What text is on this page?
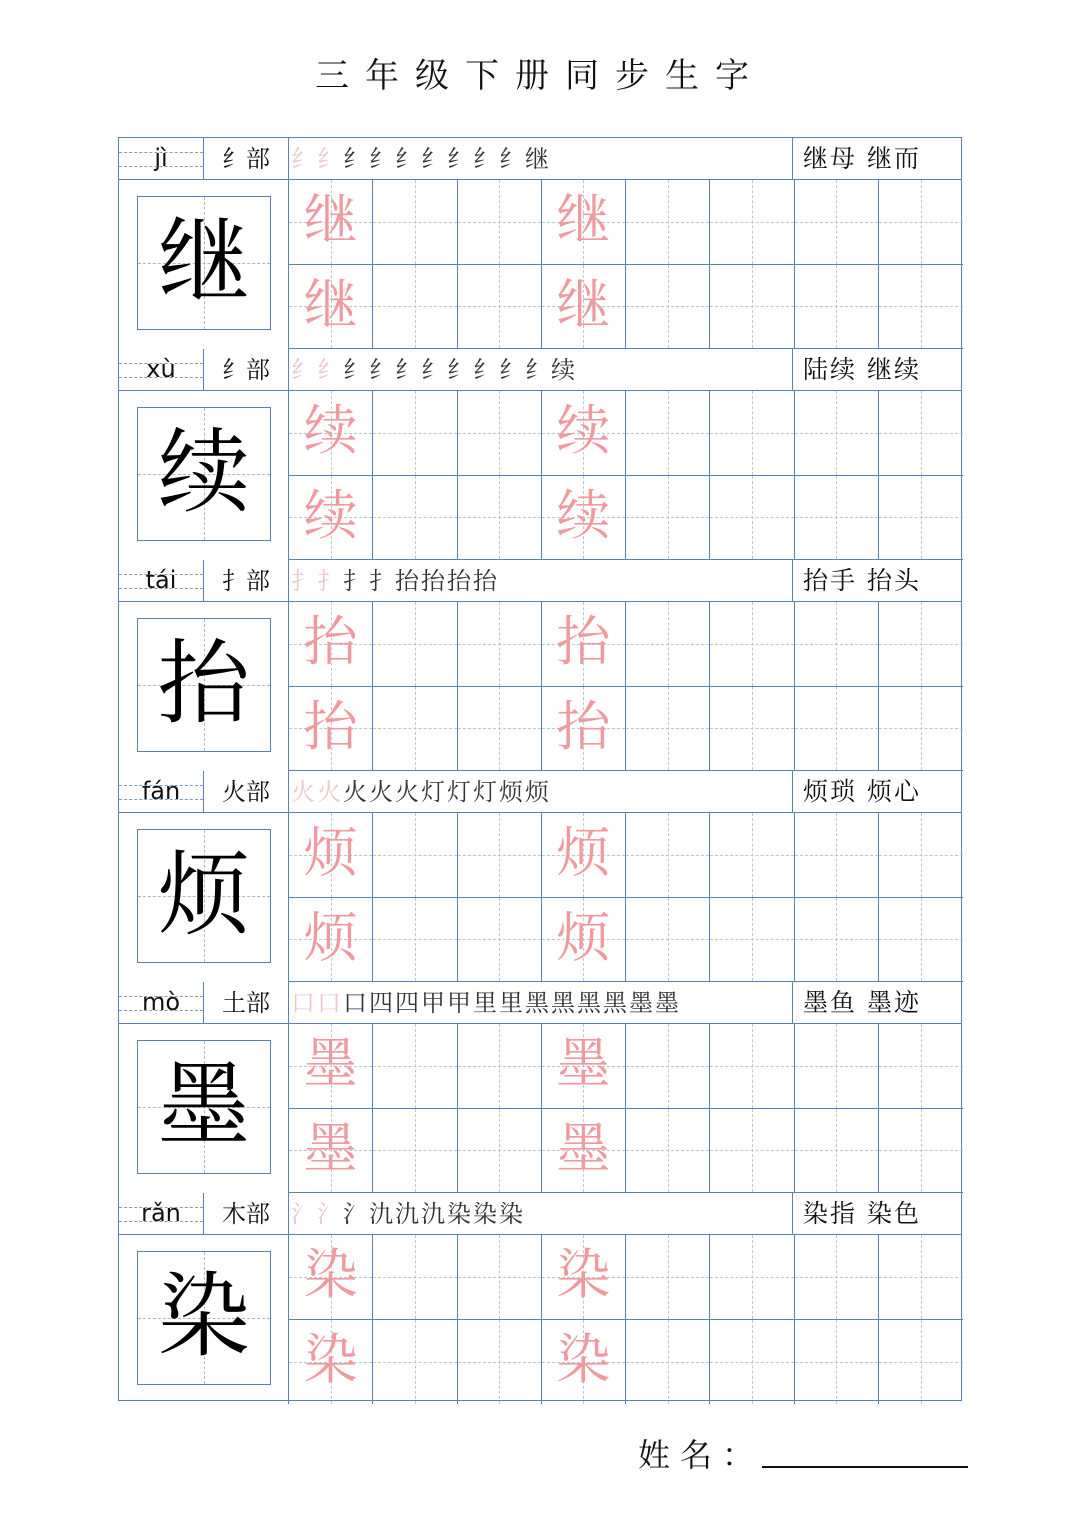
三年级下册同步生字
jì	纟部 纟纟纟纟纟纟纟纟纟继	继母 继而
继 继	继
继	继
xù	纟部 纟纟纟纟纟纟纟纟纟纟续	陆续 继续
续 续	续
续	续
tái	扌部 扌扌扌扌抬抬抬抬	抬手 抬头
抬 抬	抬
抬	抬
fán	火部 火火火火火灯灯灯烦烦	烦琐 烦心
烦 烦	烦
烦	烦
mò	土部 口口口四四甲甲里里黑黑黑黑墨墨	墨鱼 墨迹
墨 墨	墨
墨	墨
rǎn	木部 氵氵氵氿氿氿染染染	染指 染色
染 染	染
染	染
姓名：
